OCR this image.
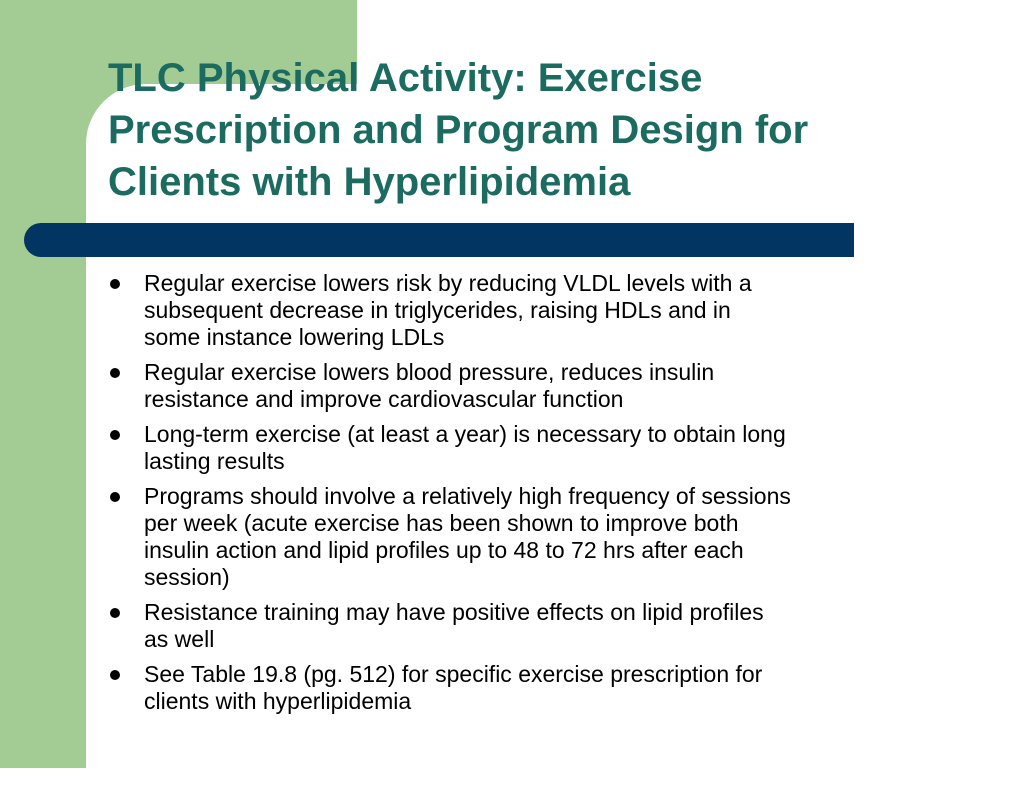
TLC Physical Activity: Exercise
Prescription and Program Design for
Clients with Hyperlipidemia
Regular exercise lowers risk by reducing VLDL levels with a
subsequent decrease in triglycerides, raising HDLs and in
some instance lowering LDLs
Regular exercise lowers blood pressure, reduces insulin
resistance and improve cardiovascular function
Long-term exercise (at least a year) is necessary to obtain long
lasting results
Programs should involve a relatively high frequency of sessions
per week (acute exercise has been shown to improve both
insulin action and lipid profiles up to 48 to 72 hrs after each
session)
Resistance training may have positive effects on lipid profiles
as well
See Table 19.8 (pg. 512) for specific exercise prescription for
clients with hyperlipidemia
